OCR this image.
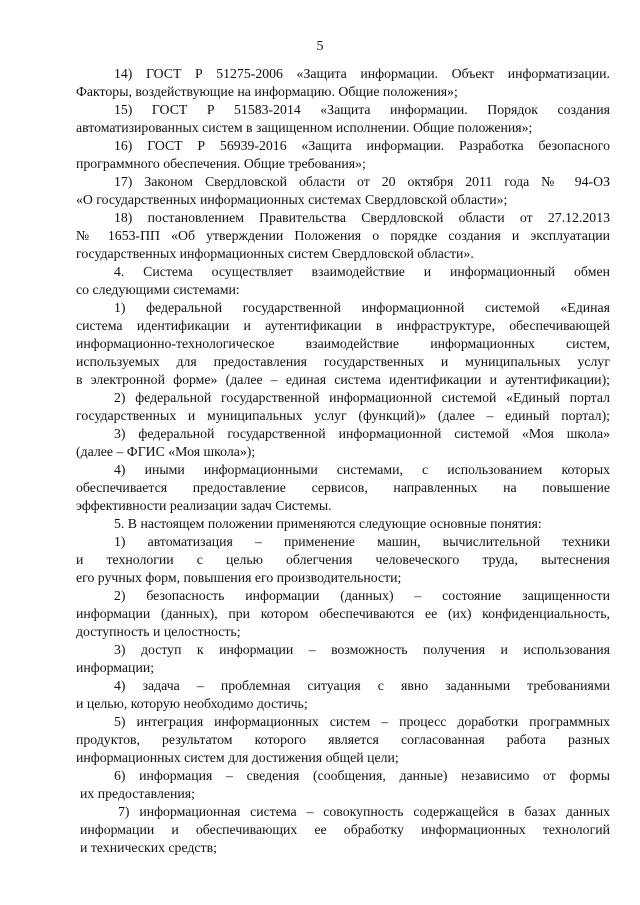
5
14) ГОСТ Р 51275-2006 «Защита информации. Объект информатизации.
Факторы, воздействующие на информацию. Общие положения»;
15) ГОСТ Р 51583-2014 «Защита информации. Порядок создания
автоматизированных систем в защищенном исполнении. Общие положения»;
16) ГОСТ Р 56939-2016 «Защита информации. Разработка безопасного
программного обеспечения. Общие требования»;
17) Законом Свердловской области от 20 октября 2011 года № 94-ОЗ
«О государственных информационных системах Свердловской области»;
18) постановлением Правительства Свердловской области от 27.12.2013
№ 1653-ПП «Об утверждении Положения о порядке создания и эксплуатации
государственных информационных систем Свердловской области».
4. Система осуществляет взаимодействие и информационный обмен
со следующими системами:
1) федеральной государственной информационной системой «Единая
система идентификации и аутентификации в инфраструктуре, обеспечивающей
информационно-технологическое взаимодействие информационных систем,
используемых для предоставления государственных и муниципальных услуг
в электронной форме» (далее – единая система идентификации и аутентификации);
2) федеральной государственной информационной системой «Единый портал
государственных и муниципальных услуг (функций)» (далее – единый портал);
3) федеральной государственной информационной системой «Моя школа»
(далее – ФГИС «Моя школа»);
4) иными информационными системами, с использованием которых
обеспечивается предоставление сервисов, направленных на повышение
эффективности реализации задач Системы.
5. В настоящем положении применяются следующие основные понятия:
1) автоматизация – применение машин, вычислительной техники
и технологии с целью облегчения человеческого труда, вытеснения
его ручных форм, повышения его производительности;
2) безопасность информации (данных) – состояние защищенности
информации (данных), при котором обеспечиваются ее (их) конфиденциальность,
доступность и целостность;
3) доступ к информации – возможность получения и использования
информации;
4) задача – проблемная ситуация с явно заданными требованиями
и целью, которую необходимо достичь;
5) интеграция информационных систем – процесс доработки программных
продуктов, результатом которого является согласованная работа разных
информационных систем для достижения общей цели;
6) информация – сведения (сообщения, данные) независимо от формы
их предоставления;
7) информационная система – совокупность содержащейся в базах данных
информации и обеспечивающих ее обработку информационных технологий
и технических средств;
